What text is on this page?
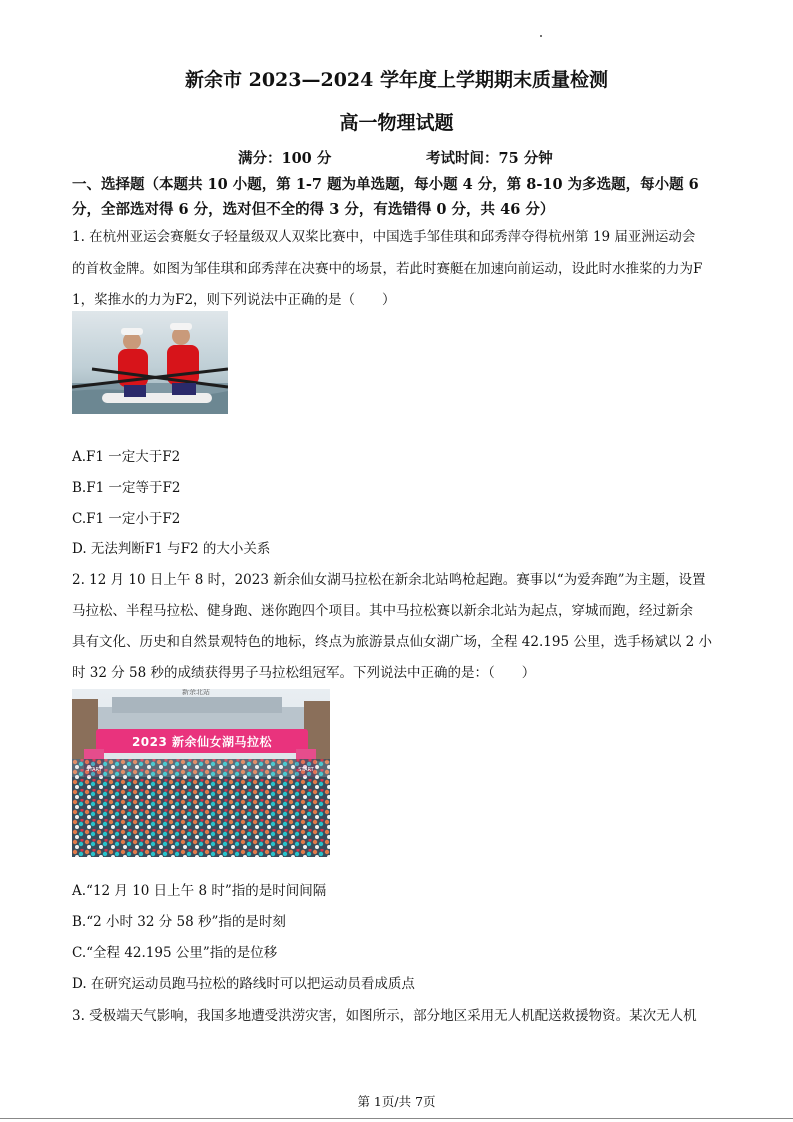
新余市 2023—2024 学年度上学期期末质量检测
高一物理试题
满分：100 分	考试时间：75 分钟
一、选择题（本题共 10 小题，第 1-7 题为单选题，每小题 4 分，第 8-10 为多选题，每小题 6
分，全部选对得 6 分，选对但不全的得 3 分，有选错得 0 分，共 46 分）
1. 在杭州亚运会赛艇女子轻量级双人双桨比赛中，中国选手邹佳琪和邱秀萍夺得杭州第 19 届亚洲运动会
的首枚金牌。如图为邹佳琪和邱秀萍在决赛中的场景，若此时赛艇在加速向前运动，设此时水推桨的力为F
1，桨推水的力为F2，则下列说法中正确的是（　　）
A.F1 一定大于F2
B.F1 一定等于F2
C.F1 一定小于F2
D. 无法判断F1 与F2 的大小关系
2. 12 月 10 日上午 8 时，2023 新余仙女湖马拉松在新余北站鸣枪起跑。赛事以“为爱奔跑”为主题，设置
马拉松、半程马拉松、健身跑、迷你跑四个项目。其中马拉松赛以新余北站为起点，穿城而跑，经过新余
具有文化、历史和自然景观特色的地标，终点为旅游景点仙女湖广场，全程 42.195 公里，选手杨斌以 2 小
时 32 分 58 秒的成绩获得男子马拉松组冠军。下列说法中正确的是：（　　）
新余北站
2023 新余仙女湖马拉松
START	START
A.“12 月 10 日上午 8 时”指的是时间间隔
B.“2 小时 32 分 58 秒”指的是时刻
C.“全程 42.195 公里”指的是位移
D. 在研究运动员跑马拉松的路线时可以把运动员看成质点
3. 受极端天气影响，我国多地遭受洪涝灾害，如图所示，部分地区采用无人机配送救援物资。某次无人机
第 1页/共 7页
